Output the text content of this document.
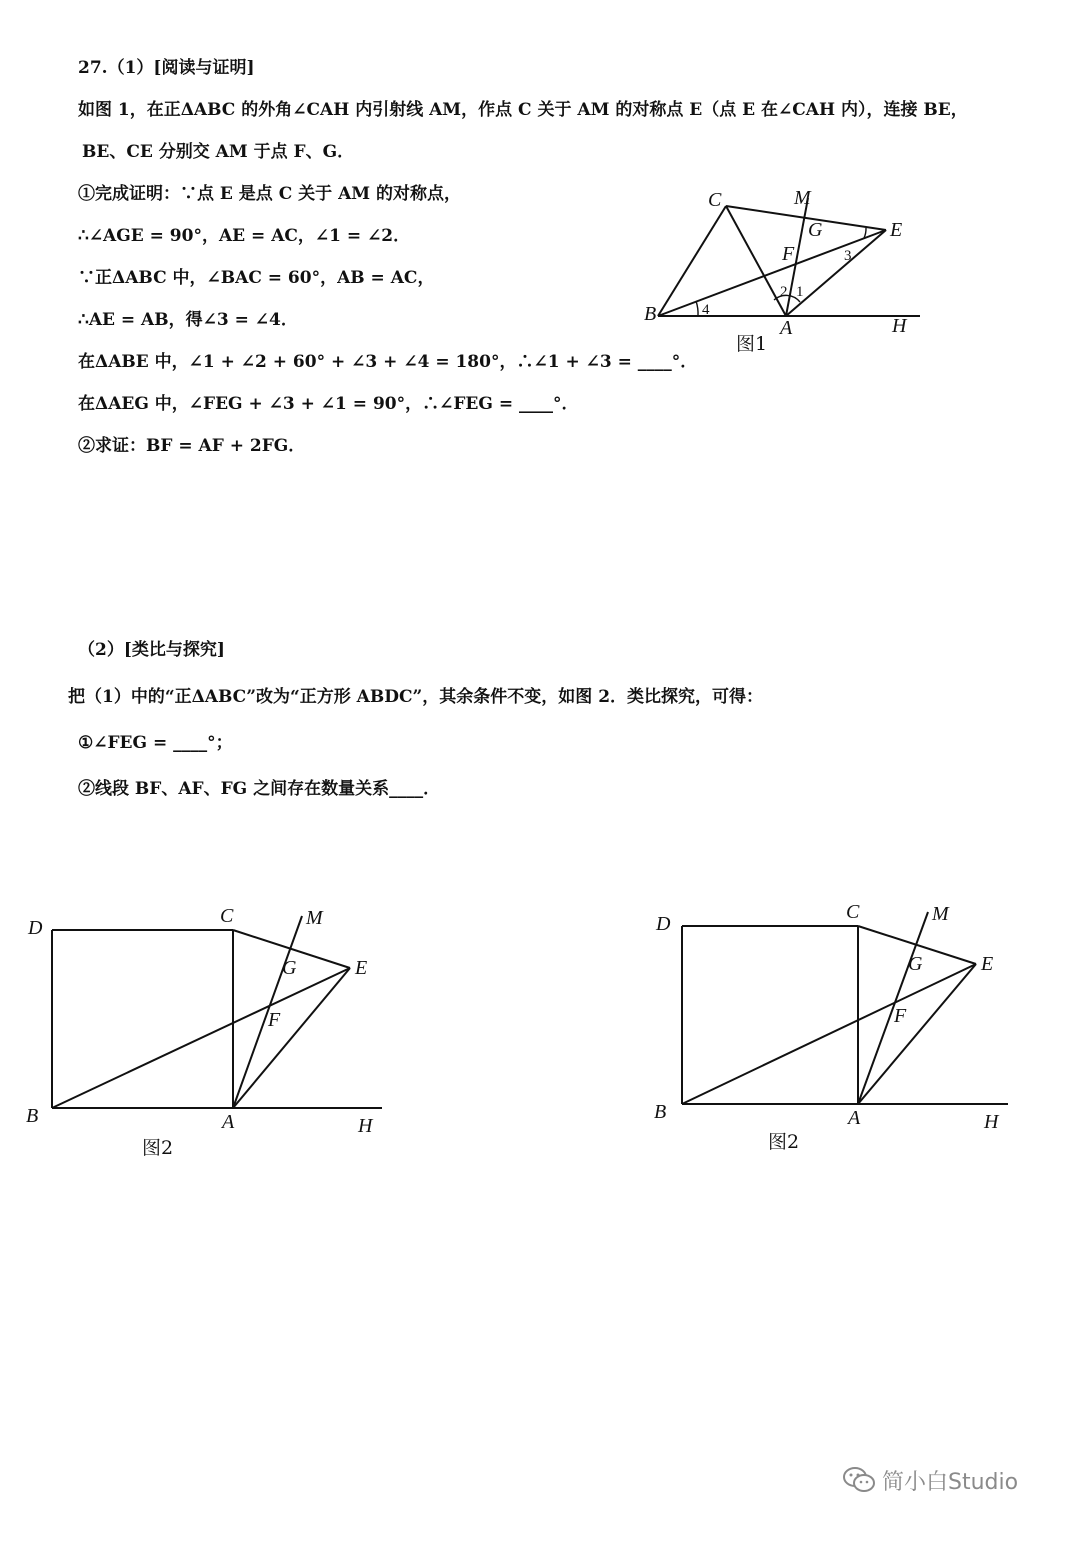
27.（1）[阅读与证明]
如图 1，在正ΔABC 的外角∠CAH 内引射线 AM，作点 C 关于 AM 的对称点 E（点 E 在∠CAH 内），连接 BE，
BE、CE 分别交 AM 于点 F、G．
①完成证明：∵点 E 是点 C 关于 AM 的对称点，
∴∠AGE = 90°，AE = AC，∠1 = ∠2．
∵正ΔABC 中，∠BAC = 60°，AB = AC，
∴AE = AB，得∠3 = ∠4．
在ΔABE 中，∠1 + ∠2 + 60° + ∠3 + ∠4 = 180°，∴∠1 + ∠3 = ____°．
在ΔAEG 中，∠FEG + ∠3 + ∠1 = 90°，∴∠FEG = ____°．
②求证：BF = AF + 2FG．
C	M
G	E
F
B
A	H
1
2
3
4
图1
（2）[类比与探究]
把（1）中的“正ΔABC”改为“正方形 ABDC”，其余条件不变，如图 2．类比探究，可得：
①∠FEG = ____°；
②线段 BF、AF、FG 之间存在数量关系____．
D
C	M
G	E
F
B	A	H
图2
D
C	M
G	E
F
B	A	H
图2
简小白Studio
